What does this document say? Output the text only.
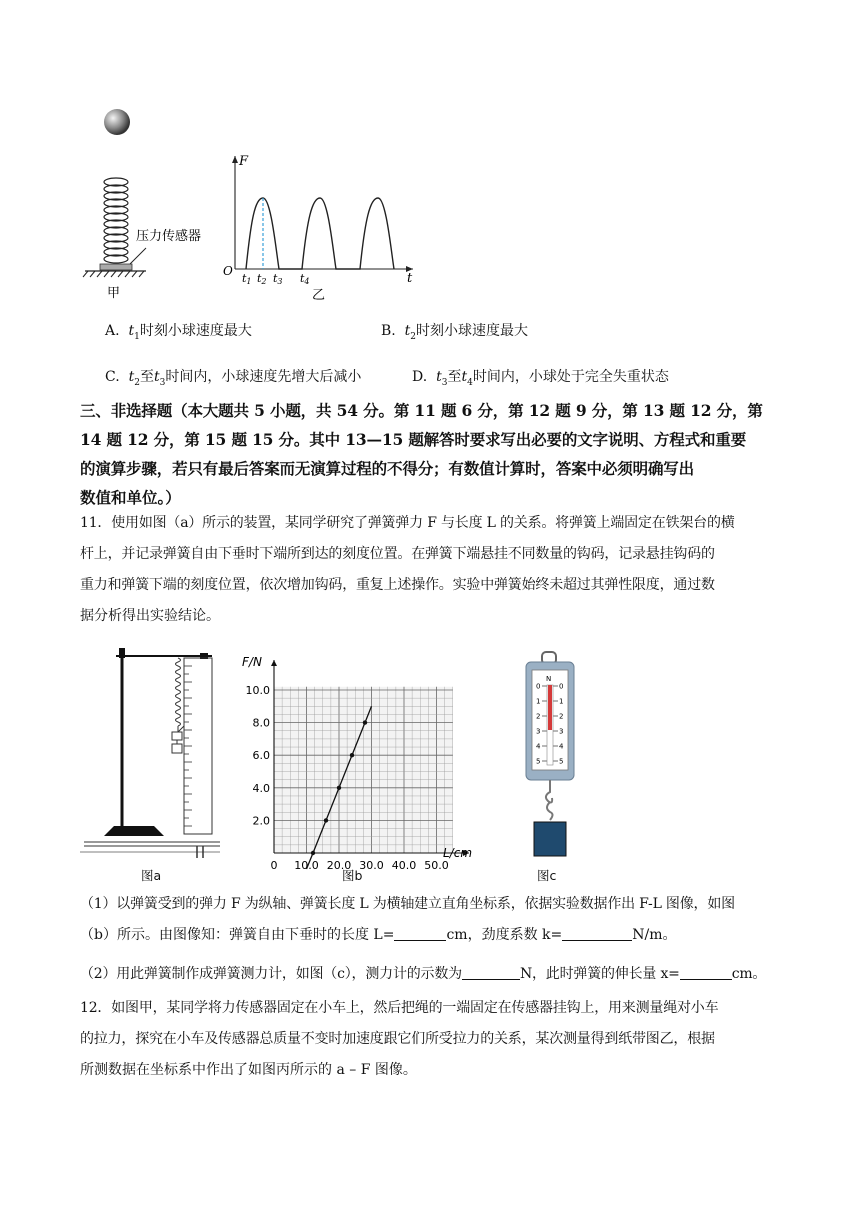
压力传感器
甲
F
t
O
t1 t2 t3 t4
乙
A. $t_1$时刻小球速度最大	B. $t_2$时刻小球速度最大
C. $t_2$至$t_3$时间内，小球速度先增大后减小	D. $t_3$至$t_4$时间内，小球处于完全失重状态
三、非选择题（本大题共 5 小题，共 54 分。第 11 题 6 分，第 12 题 9 分，第 13 题 12 分，第
14 题 12 分，第 15 题 15 分。其中 13—15 题解答时要求写出必要的文字说明、方程式和重要
的演算步骤，若只有最后答案而无演算过程的不得分；有数值计算时，答案中必须明确写出
数值和单位。）
11．使用如图（a）所示的装置，某同学研究了弹簧弹力 F 与长度 L 的关系。将弹簧上端固定在铁架台的横
杆上，并记录弹簧自由下垂时下端所到达的刻度位置。在弹簧下端悬挂不同数量的钩码，记录悬挂钩码的
重力和弹簧下端的刻度位置，依次增加钩码，重复上述操作。实验中弹簧始终未超过其弹性限度，通过数
据分析得出实验结论。
图a
F/N
L/cm
0 10.0 20.0 30.0 40.0 50.0
2.0
4.0
6.0
8.0
10.0
图b
N
0	0
1	1
2	2
3	3
4	4
5	5
图c
（1）以弹簧受到的弹力 F 为纵轴、弹簧长度 L 为横轴建立直角坐标系，依据实验数据作出 F-L 图像，如图
（b）所示。由图像知：弹簧自由下垂时的长度 L=	cm，劲度系数 k=	N/m。
（2）用此弹簧制作成弹簧测力计，如图（c），测力计的示数为	N，此时弹簧的伸长量 x=	cm。
12．如图甲，某同学将力传感器固定在小车上，然后把绳的一端固定在传感器挂钩上，用来测量绳对小车
的拉力，探究在小车及传感器总质量不变时加速度跟它们所受拉力的关系，某次测量得到纸带图乙，根据
所测数据在坐标系中作出了如图丙所示的 a – F 图像。
